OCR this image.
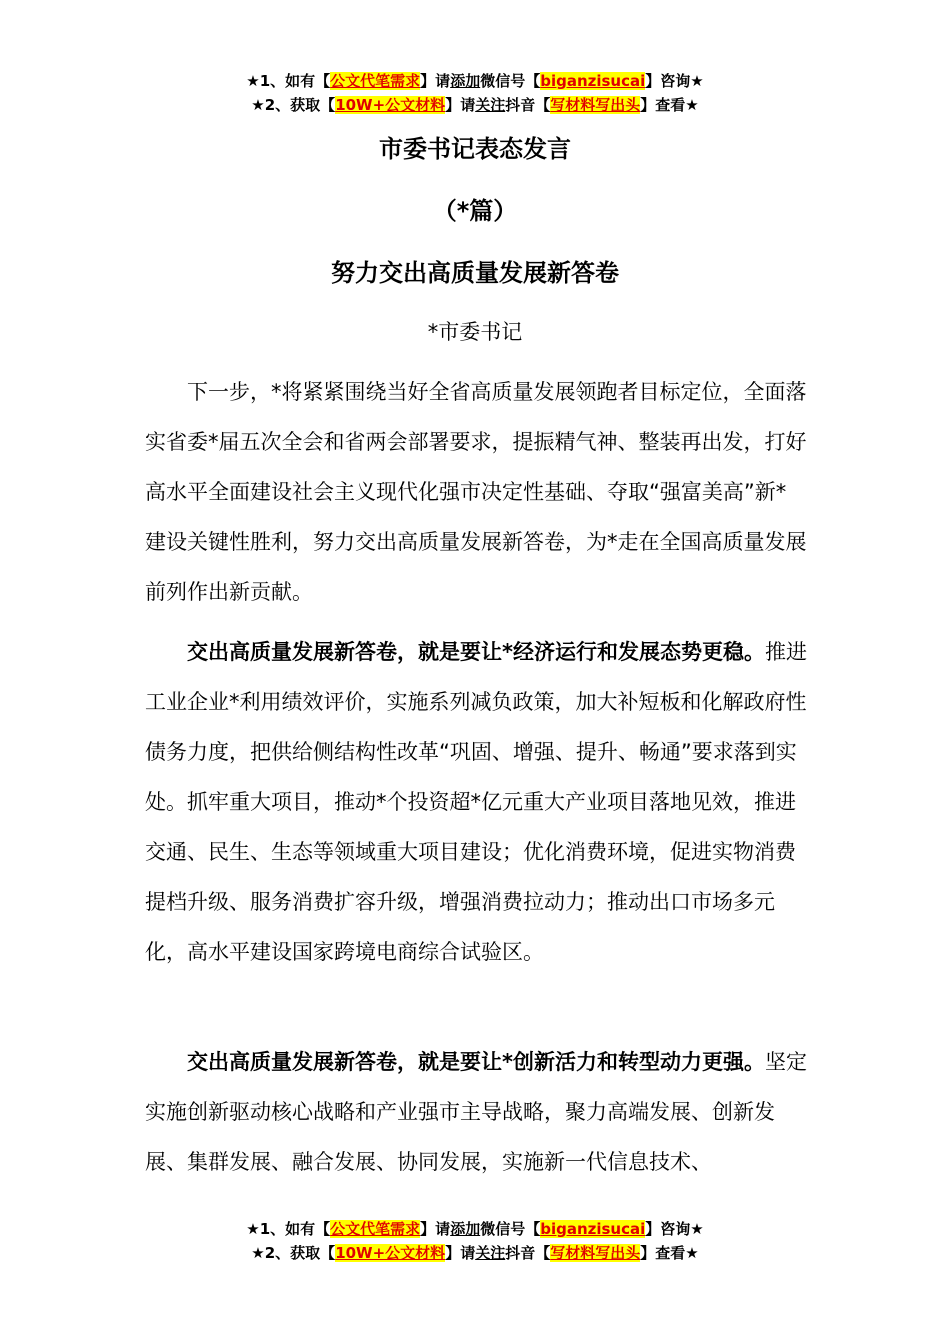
★1、如有【公文代笔需求】请添加微信号【biganzisucai】咨询★
★2、获取【10W+公文材料】请关注抖音【写材料写出头】查看★
市委书记表态发言
（*篇）
努力交出高质量发展新答卷
*市委书记
下一步，*将紧紧围绕当好全省高质量发展领跑者目标定位，全面落实省委*届五次全会和省两会部署要求，提振精气神、整装再出发，打好高水平全面建设社会主义现代化强市决定性基础、夺取“强富美高”新*建设关键性胜利，努力交出高质量发展新答卷，为*走在全国高质量发展前列作出新贡献。
交出高质量发展新答卷，就是要让*经济运行和发展态势更稳。推进工业企业*利用绩效评价，实施系列减负政策，加大补短板和化解政府性债务力度，把供给侧结构性改革“巩固、增强、提升、畅通”要求落到实处。抓牢重大项目，推动*个投资超*亿元重大产业项目落地见效，推进交通、民生、生态等领域重大项目建设；优化消费环境，促进实物消费提档升级、服务消费扩容升级，增强消费拉动力；推动出口市场多元化，高水平建设国家跨境电商综合试验区。
交出高质量发展新答卷，就是要让*创新活力和转型动力更强。坚定实施创新驱动核心战略和产业强市主导战略，聚力高端发展、创新发展、集群发展、融合发展、协同发展，实施新一代信息技术、
★1、如有【公文代笔需求】请添加微信号【biganzisucai】咨询★
★2、获取【10W+公文材料】请关注抖音【写材料写出头】查看★
